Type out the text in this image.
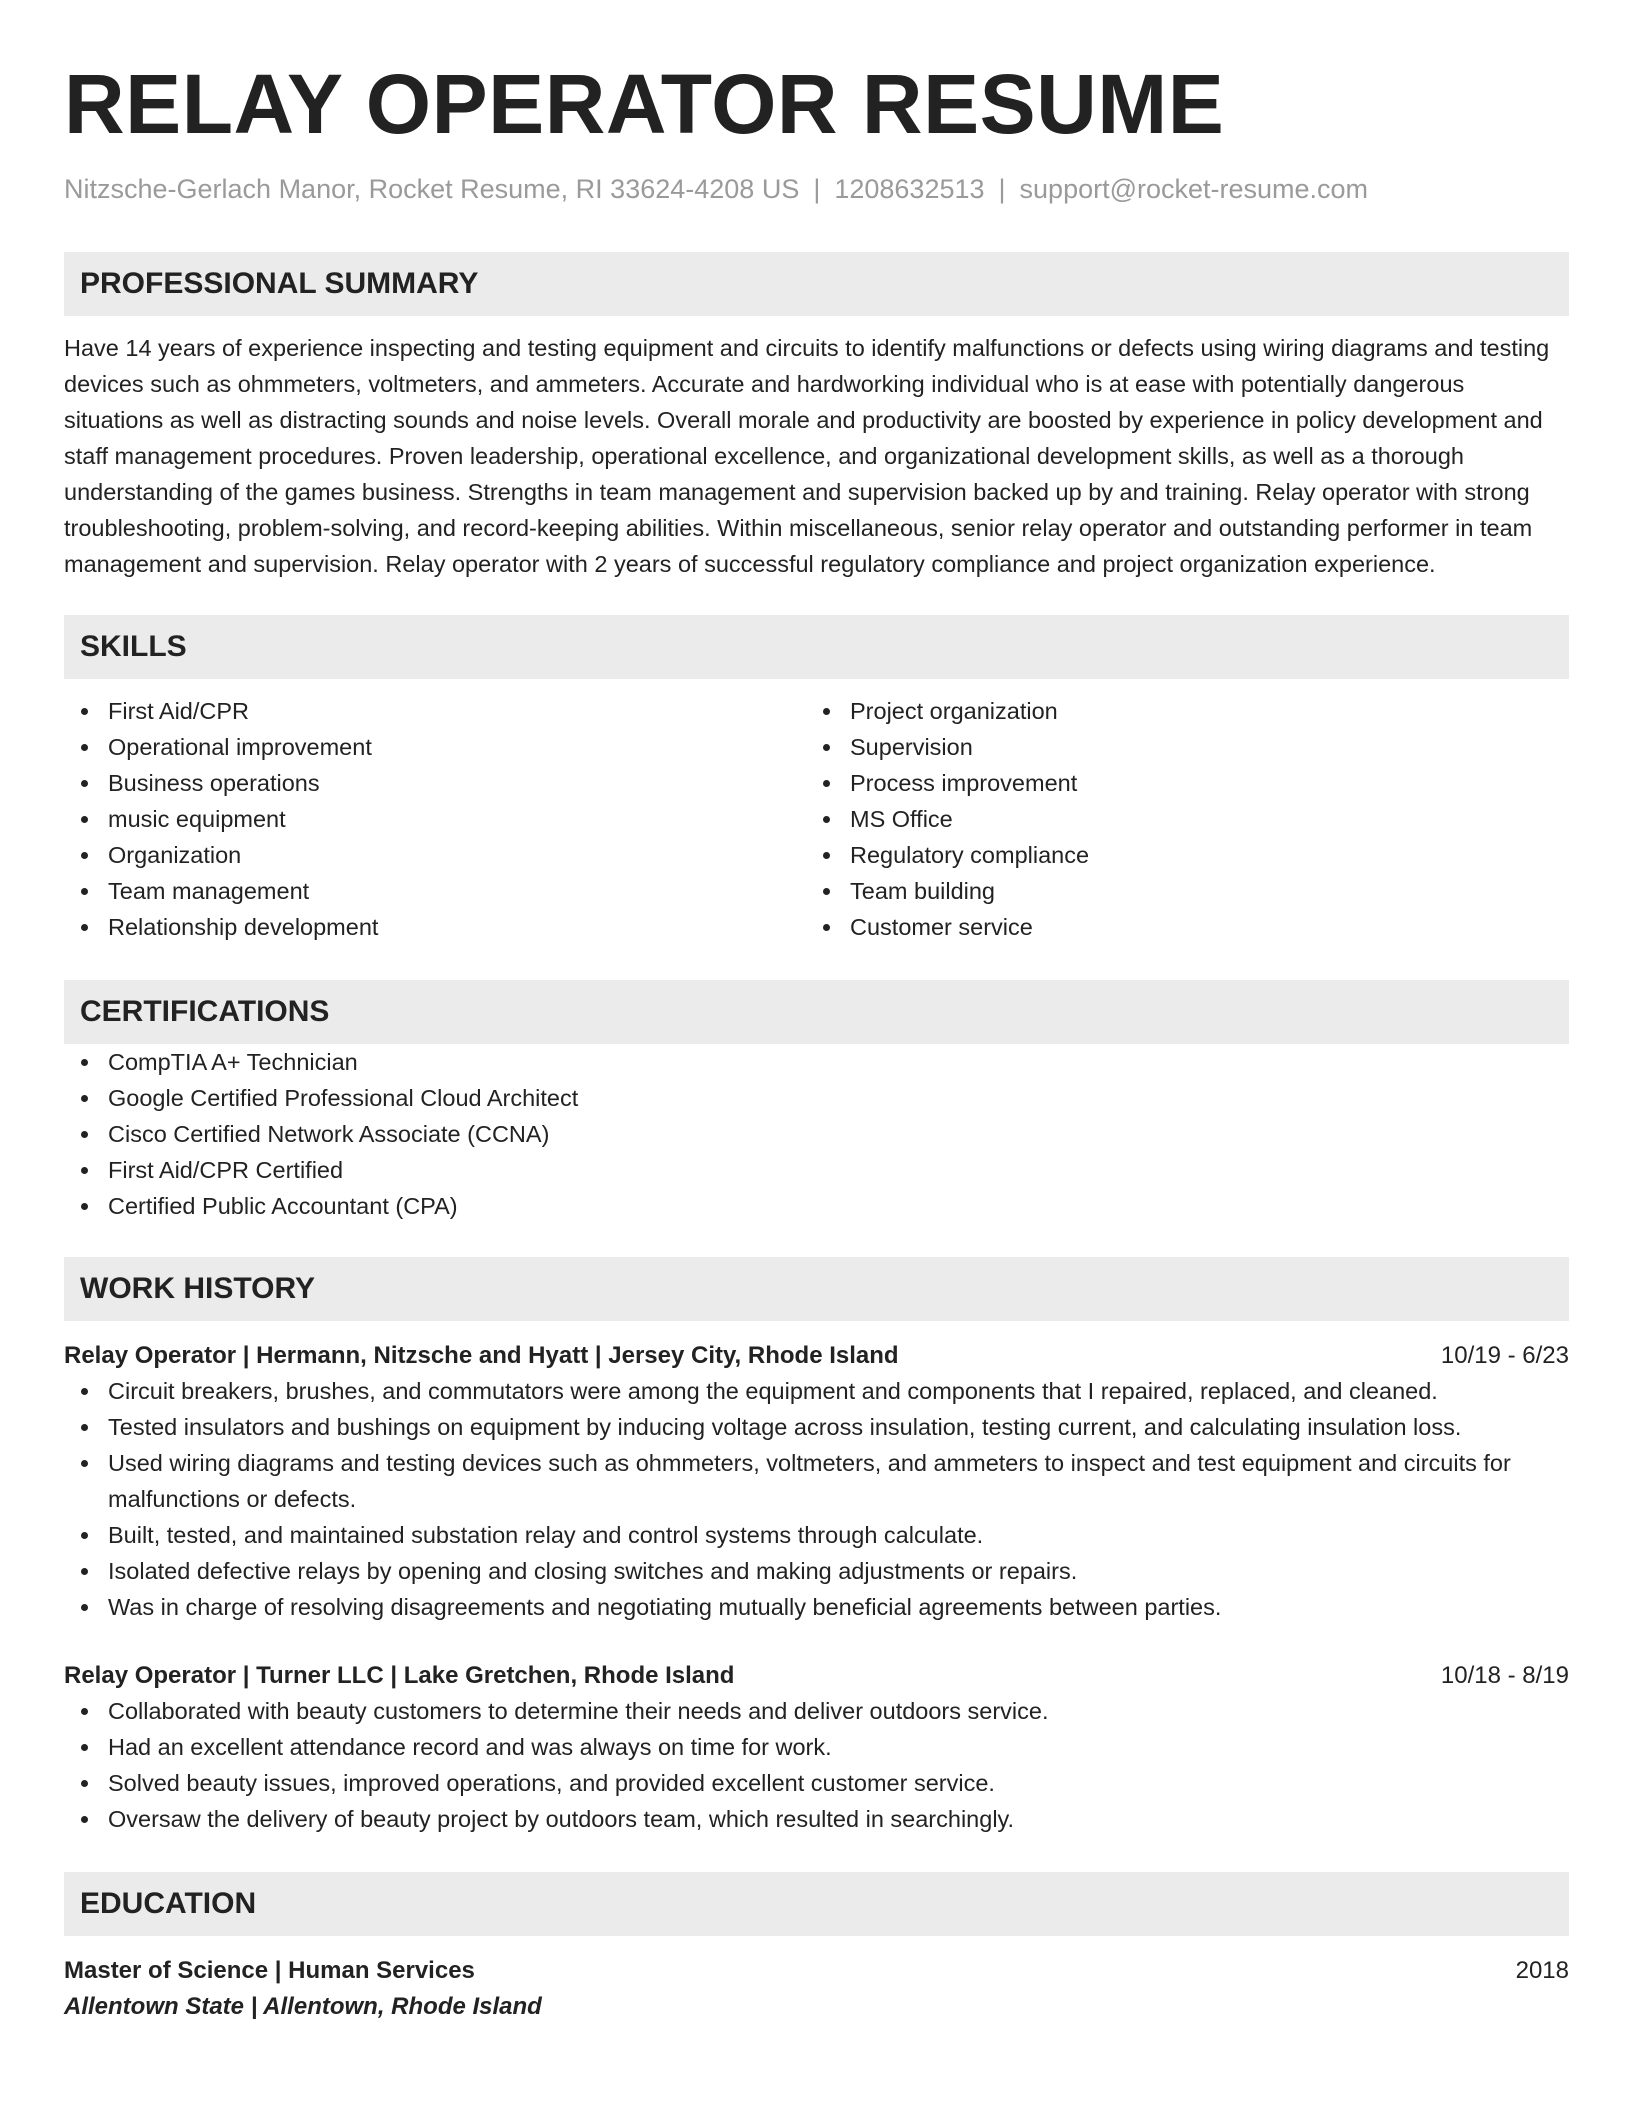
RELAY OPERATOR RESUME
Nitzsche-Gerlach Manor, Rocket Resume, RI 33624-4208 US | 1208632513 | support@rocket-resume.com
PROFESSIONAL SUMMARY
Have 14 years of experience inspecting and testing equipment and circuits to identify malfunctions or defects using wiring diagrams and testing devices such as ohmmeters, voltmeters, and ammeters. Accurate and hardworking individual who is at ease with potentially dangerous situations as well as distracting sounds and noise levels. Overall morale and productivity are boosted by experience in policy development and staff management procedures. Proven leadership, operational excellence, and organizational development skills, as well as a thorough understanding of the games business. Strengths in team management and supervision backed up by and training. Relay operator with strong troubleshooting, problem-solving, and record-keeping abilities. Within miscellaneous, senior relay operator and outstanding performer in team management and supervision. Relay operator with 2 years of successful regulatory compliance and project organization experience.
SKILLS
First Aid/CPR
Operational improvement
Business operations
music equipment
Organization
Team management
Relationship development
Project organization
Supervision
Process improvement
MS Office
Regulatory compliance
Team building
Customer service
CERTIFICATIONS
CompTIA A+ Technician
Google Certified Professional Cloud Architect
Cisco Certified Network Associate (CCNA)
First Aid/CPR Certified
Certified Public Accountant (CPA)
WORK HISTORY
Relay Operator | Hermann, Nitzsche and Hyatt | Jersey City, Rhode Island	10/19 - 6/23
Circuit breakers, brushes, and commutators were among the equipment and components that I repaired, replaced, and cleaned.
Tested insulators and bushings on equipment by inducing voltage across insulation, testing current, and calculating insulation loss.
Used wiring diagrams and testing devices such as ohmmeters, voltmeters, and ammeters to inspect and test equipment and circuits for malfunctions or defects.
Built, tested, and maintained substation relay and control systems through calculate.
Isolated defective relays by opening and closing switches and making adjustments or repairs.
Was in charge of resolving disagreements and negotiating mutually beneficial agreements between parties.
Relay Operator | Turner LLC | Lake Gretchen, Rhode Island	10/18 - 8/19
Collaborated with beauty customers to determine their needs and deliver outdoors service.
Had an excellent attendance record and was always on time for work.
Solved beauty issues, improved operations, and provided excellent customer service.
Oversaw the delivery of beauty project by outdoors team, which resulted in searchingly.
EDUCATION
Master of Science | Human Services	2018
Allentown State | Allentown, Rhode Island
